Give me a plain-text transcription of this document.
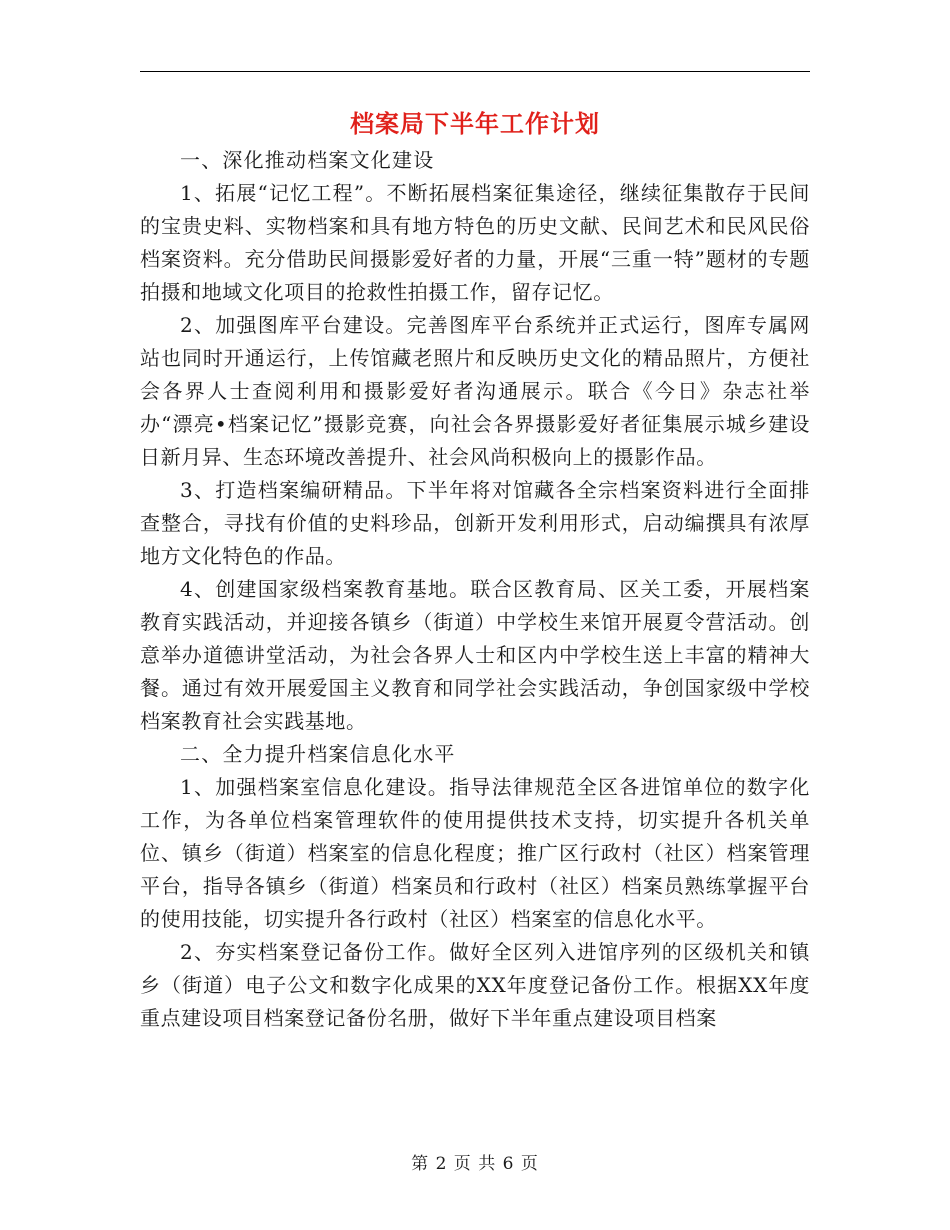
档案局下半年工作计划

一、深化推动档案文化建设

1、拓展“记忆工程”。不断拓展档案征集途径，继续征集散存于民间的宝贵史料、实物档案和具有地方特色的历史文献、民间艺术和民风民俗档案资料。充分借助民间摄影爱好者的力量，开展“三重一特”题材的专题拍摄和地域文化项目的抢救性拍摄工作，留存记忆。

2、加强图库平台建设。完善图库平台系统并正式运行，图库专属网站也同时开通运行，上传馆藏老照片和反映历史文化的精品照片，方便社会各界人士查阅利用和摄影爱好者沟通展示。联合《今日》杂志社举办“漂亮•档案记忆”摄影竞赛，向社会各界摄影爱好者征集展示城乡建设日新月异、生态环境改善提升、社会风尚积极向上的摄影作品。

3、打造档案编研精品。下半年将对馆藏各全宗档案资料进行全面排查整合，寻找有价值的史料珍品，创新开发利用形式，启动编撰具有浓厚地方文化特色的作品。

4、创建国家级档案教育基地。联合区教育局、区关工委，开展档案教育实践活动，并迎接各镇乡（街道）中学校生来馆开展夏令营活动。创意举办道德讲堂活动，为社会各界人士和区内中学校生送上丰富的精神大餐。通过有效开展爱国主义教育和同学社会实践活动，争创国家级中学校档案教育社会实践基地。

二、全力提升档案信息化水平

1、加强档案室信息化建设。指导法律规范全区各进馆单位的数字化工作，为各单位档案管理软件的使用提供技术支持，切实提升各机关单位、镇乡（街道）档案室的信息化程度；推广区行政村（社区）档案管理平台，指导各镇乡（街道）档案员和行政村（社区）档案员熟练掌握平台的使用技能，切实提升各行政村（社区）档案室的信息化水平。

2、夯实档案登记备份工作。做好全区列入进馆序列的区级机关和镇乡（街道）电子公文和数字化成果的XX年度登记备份工作。根据XX年度重点建设项目档案登记备份名册，做好下半年重点建设项目档案

第 2 页 共 6 页
